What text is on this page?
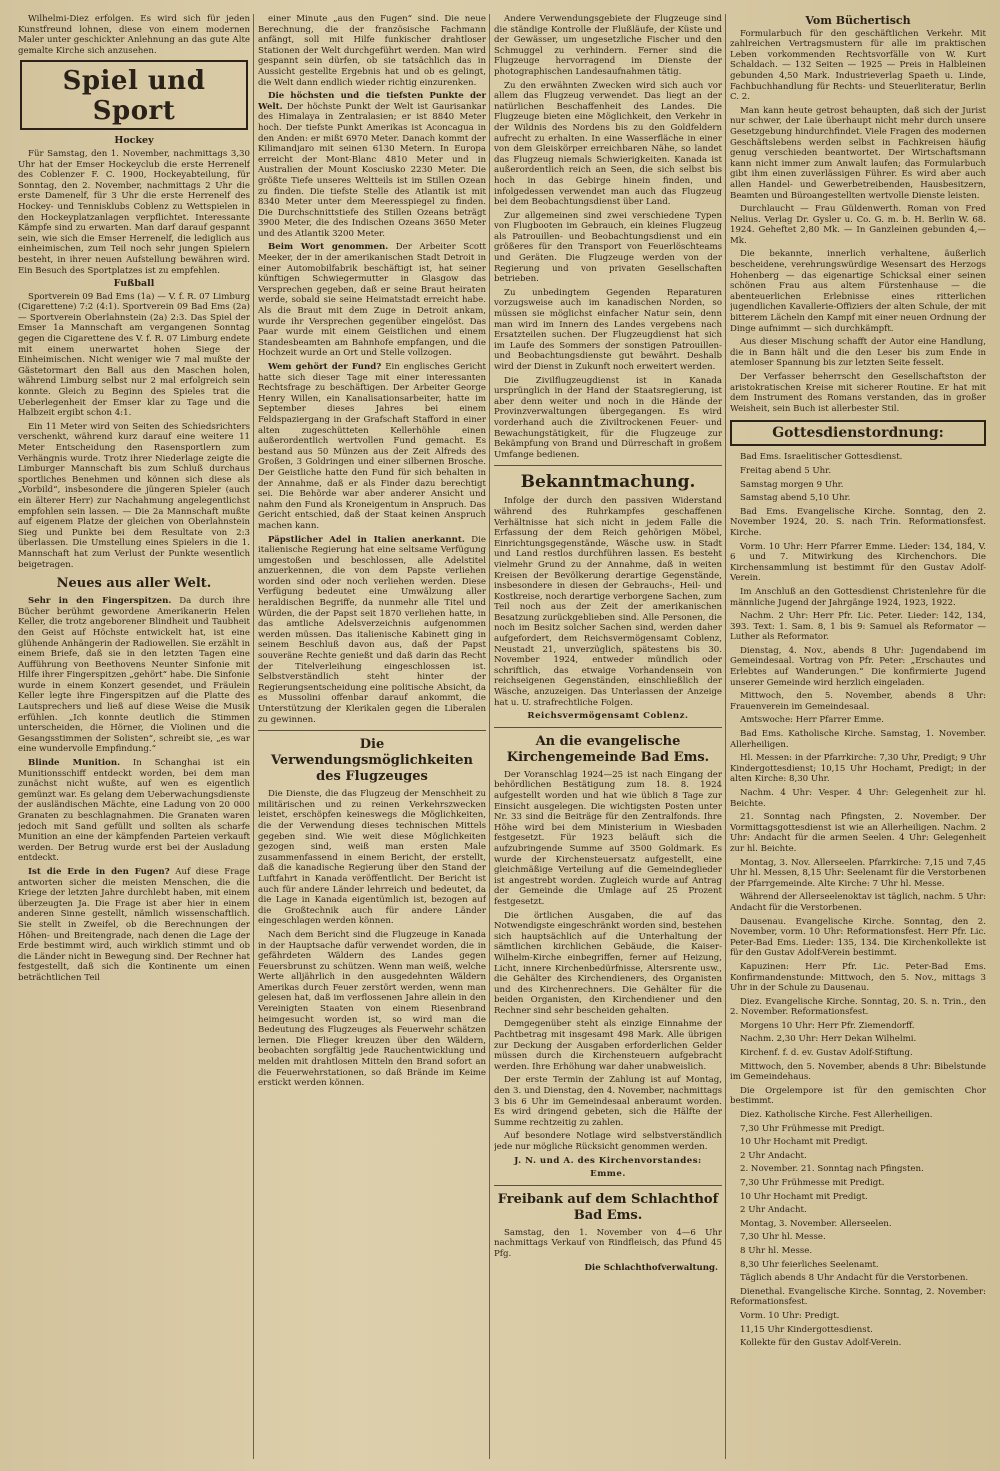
Wilhelmi-Diez erfolgen. Es wird sich für jeden Kunstfreund lohnen, diese von einem modernen Maler unter geschickter Anlehnung an das gute Alte gemalte Kirche sich anzusehen.

Spiel und Sport
Hockey

Für Samstag, den 1. November, nachmittags 3,30 Uhr hat der Emser Hockeyclub die erste Herrenelf des Coblenzer F. C. 1900, Hockeyabteilung, für Sonntag, den 2. November, nachmittags 2 Uhr die erste Damenelf, für 3 Uhr die erste Herrenelf des Hockey- und Tennisklubs Coblenz zu Wettspielen in den Hockeyplatzanlagen verpflichtet. Interessante Kämpfe sind zu erwarten. Man darf darauf gespannt sein, wie sich die Emser Herrenelf, die lediglich aus einheimischen, zum Teil noch sehr jungen Spielern besteht, in ihrer neuen Aufstellung bewähren wird. Ein Besuch des Sportplatzes ist zu empfehlen.

Fußball

Sportverein 09 Bad Ems (1a) — V. f. R. 07 Limburg (Cigarettene) 7:2 (4:1). Sportverein 09 Bad Ems (2a) — Sportverein Oberlahnstein (2a) 2:3. Das Spiel der Emser 1a Mannschaft am vergangenen Sonntag gegen die Cigarettene des V. f. R. 07 Limburg endete mit einem unerwartet hohen Siege der Einheimischen. Nicht weniger wie 7 mal mußte der Gästetormart den Ball aus den Maschen holen, während Limburg selbst nur 2 mal erfolgreich sein konnte. Gleich zu Beginn des Spieles trat die Ueberlegenheit der Emser klar zu Tage und die Halbzeit ergibt schon 4:1.

Ein 11 Meter wird von Seiten des Schiedsrichters verschenkt, während kurz darauf eine weitere 11 Meter Entscheidung den Rasensportlern zum Verhängnis wurde. Trotz ihrer Niederlage zeigte die Limburger Mannschaft bis zum Schluß durchaus sportliches Benehmen und können sich diese als „Vorbild“, insbesondere die jüngeren Spieler (auch ein älterer Herr) zur Nachahmung angelegentlichst empfohlen sein lassen. — Die 2a Mannschaft mußte auf eigenem Platze der gleichen von Oberlahnstein Sieg und Punkte bei dem Resultate von 2:3 überlassen. Die Umstellung eines Spielers in die 1. Mannschaft hat zum Verlust der Punkte wesentlich beigetragen.

Neues aus aller Welt.

Sehr in den Fingerspitzen. Da durch ihre Bücher berühmt gewordene Amerikanerin Helen Keller, die trotz angeborener Blindheit und Taubheit den Geist auf Höchste entwickelt hat, ist eine glühende Anhängerin der Radiowellen. Sie erzählt in einem Briefe, daß sie in den letzten Tagen eine Aufführung von Beethovens Neunter Sinfonie mit Hilfe ihrer Fingerspitzen „gehört“ habe. Die Sinfonie wurde in einem Konzert gesendet, und Fräulein Keller legte ihre Fingerspitzen auf die Platte des Lautsprechers und ließ auf diese Weise die Musik erfühlen. „Ich konnte deutlich die Stimmen unterscheiden, die Hörner, die Violinen und die Gesangsstimmen der Solisten“, schreibt sie, „es war eine wundervolle Empfindung.“

Blinde Munition. In Schanghai ist ein Munitionsschiff entdeckt worden, bei dem man zunächst nicht wußte, auf wen es eigentlich gemünzt war. Es gelang dem Ueberwachungsdienste der ausländischen Mächte, eine Ladung von 20 000 Granaten zu beschlagnahmen. Die Granaten waren jedoch mit Sand gefüllt und sollten als scharfe Munition an eine der kämpfenden Parteien verkauft werden. Der Betrug wurde erst bei der Ausladung entdeckt.

Ist die Erde in den Fugen? Auf diese Frage antworten sicher die meisten Menschen, die die Kriege der letzten Jahre durchlebt haben, mit einem überzeugten Ja. Die Frage ist aber hier in einem anderen Sinne gestellt, nämlich wissenschaftlich. Sie stellt in Zweifel, ob die Berechnungen der Höhen- und Breitengrade, nach denen die Lage der Erde bestimmt wird, auch wirklich stimmt und ob die Länder nicht in Bewegung sind. Der Rechner hat festgestellt, daß sich die Kontinente um einen beträchtlichen Teil

einer Minute „aus den Fugen“ sind. Die neue Berechnung, die der französische Fachmann anfängt, soll mit Hilfe funkischer drahtloser Stationen der Welt durchgeführt werden. Man wird gespannt sein dürfen, ob sie tatsächlich das in Aussicht gestellte Ergebnis hat und ob es gelingt, die Welt dann endlich wieder richtig einzurenken.

Die höchsten und die tiefsten Punkte der Welt. Der höchste Punkt der Welt ist Gaurisankar des Himalaya in Zentralasien; er ist 8840 Meter hoch. Der tiefste Punkt Amerikas ist Aconcagua in den Anden: er mißt 6970 Meter. Danach kommt der Kilimandjaro mit seinen 6130 Metern. In Europa erreicht der Mont-Blanc 4810 Meter und in Australien der Mount Kosciusko 2230 Meter. Die größte Tiefe unseres Weltteils ist im Stillen Ozean zu finden. Die tiefste Stelle des Atlantik ist mit 8340 Meter unter dem Meeresspiegel zu finden. Die Durchschnittstiefe des Stillen Ozeans beträgt 3900 Meter, die des Indischen Ozeans 3650 Meter und des Atlantik 3200 Meter.

Beim Wort genommen. Der Arbeiter Scott Meeker, der in der amerikanischen Stadt Detroit in einer Automobilfabrik beschäftigt ist, hat seiner künftigen Schwiegermutter in Glasgow das Versprechen gegeben, daß er seine Braut heiraten werde, sobald sie seine Heimatstadt erreicht habe. Als die Braut mit dem Zuge in Detroit ankam, wurde ihr Versprechen gegenüber eingelöst. Das Paar wurde mit einem Geistlichen und einem Standesbeamten am Bahnhofe empfangen, und die Hochzeit wurde an Ort und Stelle vollzogen.

Wem gehört der Fund? Ein englisches Gericht hatte sich dieser Tage mit einer interessanten Rechtsfrage zu beschäftigen. Der Arbeiter George Henry Willen, ein Kanalisationsarbeiter, hatte im September dieses Jahres bei einem Feldspaziergang in der Grafschaft Stafford in einer alten zugeschütteten Kellerhöhle einen außerordentlich wertvollen Fund gemacht. Es bestand aus 50 Münzen aus der Zeit Alfreds des Großen, 3 Goldringen und einer silbernen Brosche. Der Geistliche hatte den Fund für sich behalten in der Annahme, daß er als Finder dazu berechtigt sei. Die Behörde war aber anderer Ansicht und nahm den Fund als Kroneigentum in Anspruch. Das Gericht entschied, daß der Staat keinen Anspruch machen kann.

Päpstlicher Adel in Italien anerkannt. Die italienische Regierung hat eine seltsame Verfügung umgestoßen und beschlossen, alle Adelstitel anzuerkennen, die von dem Papste verliehen worden sind oder noch verliehen werden. Diese Verfügung bedeutet eine Umwälzung aller heraldischen Begriffe, da nunmehr alle Titel und Würden, die der Papst seit 1870 verliehen hatte, in das amtliche Adelsverzeichnis aufgenommen werden müssen. Das italienische Kabinett ging in seinem Beschluß davon aus, daß der Papst souveräne Rechte genießt und daß darin das Recht der Titelverleihung eingeschlossen ist. Selbstverständlich steht hinter der Regierungsentscheidung eine politische Absicht, da es Mussolini offenbar darauf ankommt, die Unterstützung der Klerikalen gegen die Liberalen zu gewinnen.

Die Verwendungsmöglichkeiten des Flugzeuges

Die Dienste, die das Flugzeug der Menschheit zu militärischen und zu reinen Verkehrszwecken leistet, erschöpfen keineswegs die Möglichkeiten, die der Verwendung dieses technischen Mittels gegeben sind. Wie weit diese Möglichkeiten gezogen sind, weiß man ersten Male zusammenfassend in einem Bericht, der erstellt, daß die kanadische Regierung über den Stand der Luftfahrt in Kanada veröffentlicht. Der Bericht ist auch für andere Länder lehrreich und bedeutet, da die Lage in Kanada eigentümlich ist, bezogen auf die Großtechnik auch für andere Länder eingeschlagen werden können.

Nach dem Bericht sind die Flugzeuge in Kanada in der Hauptsache dafür verwendet worden, die in gefährdeten Wäldern des Landes gegen Feuersbrunst zu schützen. Wenn man weiß, welche Werte alljährlich in den ausgedehnten Wäldern Amerikas durch Feuer zerstört werden, wenn man gelesen hat, daß im verflossenen Jahre allein in den Vereinigten Staaten von einem Riesenbrand heimgesucht worden ist, so wird man die Bedeutung des Flugzeuges als Feuerwehr schätzen lernen. Die Flieger kreuzen über den Wäldern, beobachten sorgfältig jede Rauchentwicklung und melden mit drahtlosen Mitteln den Brand sofort an die Feuerwehrstationen, so daß Brände im Keime erstickt werden können.

Andere Verwendungsgebiete der Flugzeuge sind die ständige Kontrolle der Flußläufe, der Küste und der Gewässer, um ungesetzliche Fischer und den Schmuggel zu verhindern. Ferner sind die Flugzeuge hervorragend im Dienste der photographischen Landesaufnahmen tätig.

Zu den erwähnten Zwecken wird sich auch vor allem das Flugzeug verwendet. Das liegt an der natürlichen Beschaffenheit des Landes. Die Flugzeuge bieten eine Möglichkeit, den Verkehr in der Wildnis des Nordens bis zu den Goldfeldern aufrecht zu erhalten. In eine Wasserfläche in einer von dem Gleiskörper erreichbaren Nähe, so landet das Flugzeug niemals Schwierigkeiten. Kanada ist außerordentlich reich an Seen, die sich selbst bis hoch in das Gebirge hinein finden, und infolgedessen verwendet man auch das Flugzeug bei dem Beobachtungsdienst über Land.

Zur allgemeinen sind zwei verschiedene Typen von Flugbooten im Gebrauch, ein kleines Flugzeug als Patrouillen- und Beobachtungsdienst und ein größeres für den Transport von Feuerlöschteams und Geräten. Die Flugzeuge werden von der Regierung und von privaten Gesellschaften betrieben.

Zu unbedingtem Gegenden Reparaturen vorzugsweise auch im kanadischen Norden, so müssen sie möglichst einfacher Natur sein, denn man wird im Innern des Landes vergebens nach Ersatzteilen suchen. Der Flugzeugdienst hat sich im Laufe des Sommers der sonstigen Patrouillen- und Beobachtungsdienste gut bewährt. Deshalb wird der Dienst in Zukunft noch erweitert werden.

Die Zivilflugzeugdienst ist in Kanada ursprünglich in der Hand der Staatsregierung, ist aber denn weiter und noch in die Hände der Provinzverwaltungen übergegangen. Es wird vorderhand auch die Ziviltrockenen Feuer- und Bewachungstätigkeit, für die Flugzeuge zur Bekämpfung von Brand und Dürreschaft in großem Umfange bedienen.

Bekanntmachung.

Infolge der durch den passiven Widerstand während des Ruhrkampfes geschaffenen Verhältnisse hat sich nicht in jedem Falle die Erfassung der dem Reich gehörigen Möbel, Einrichtungsgegenstände, Wäsche usw. in Stadt und Land restlos durchführen lassen. Es besteht vielmehr Grund zu der Annahme, daß in weiten Kreisen der Bevölkerung derartige Gegenstände, insbesondere in diesen der Gebrauchs-, Heil- und Kostkreise, noch derartige verborgene Sachen, zum Teil noch aus der Zeit der amerikanischen Besatzung zurückgeblieben sind. Alle Personen, die noch im Besitz solcher Sachen sind, werden daher aufgefordert, dem Reichsvermögensamt Coblenz, Neustadt 21, unverzüglich, spätestens bis 30. November 1924, entweder mündlich oder schriftlich, das etwaige Vorhandensein von reichseigenen Gegenständen, einschließlich der Wäsche, anzuzeigen. Das Unterlassen der Anzeige hat u. U. strafrechtliche Folgen.

Reichsvermögensamt Coblenz.
An die evangelische Kirchengemeinde Bad Ems.

Der Voranschlag 1924—25 ist nach Eingang der behördlichen Bestätigung zum 18. 8. 1924 aufgestellt worden und hat wie üblich 8 Tage zur Einsicht ausgelegen. Die wichtigsten Posten unter Nr. 33 sind die Beiträge für den Zentralfonds. Ihre Höhe wird bei dem Ministerium in Wiesbaden festgesetzt. Für 1923 beläuft sich die aufzubringende Summe auf 3500 Goldmark. Es wurde der Kirchensteuersatz aufgestellt, eine gleichmäßige Verteilung auf die Gemeindeglieder ist angestrebt worden. Zugleich wurde auf Antrag der Gemeinde die Umlage auf 25 Prozent festgesetzt.

Die örtlichen Ausgaben, die auf das Notwendigste eingeschränkt worden sind, bestehen sich hauptsächlich auf die Unterhaltung der sämtlichen kirchlichen Gebäude, die Kaiser-Wilhelm-Kirche einbegriffen, ferner auf Heizung, Licht, innere Kirchenbedürfnisse, Altersrente usw., die Gehälter des Kirchendieners, des Organisten und des Kirchenrechners. Die Gehälter für die beiden Organisten, den Kirchendiener und den Rechner sind sehr bescheiden gehalten.

Demgegenüber steht als einzige Einnahme der Pachtbetrag mit insgesamt 498 Mark. Alle übrigen zur Deckung der Ausgaben erforderlichen Gelder müssen durch die Kirchensteuern aufgebracht werden. Ihre Erhöhung war daher unabweislich.

Der erste Termin der Zahlung ist auf Montag, den 3. und Dienstag, den 4. November, nachmittags 3 bis 6 Uhr im Gemeindesaal anberaumt worden. Es wird dringend gebeten, sich die Hälfte der Summe rechtzeitig zu zahlen.

Auf besondere Notlage wird selbstverständlich jede nur mögliche Rücksicht genommen werden.

J. N. und A. des Kirchenvorstandes:
Emme.
Freibank auf dem Schlachthof Bad Ems.

Samstag, den 1. November von 4—6 Uhr nachmittags Verkauf von Rindfleisch, das Pfund 45 Pfg.

Die Schlachthofverwaltung.
Vom Büchertisch

Formularbuch für den geschäftlichen Verkehr. Mit zahlreichen Vertragsmustern für alle im praktischen Leben vorkommenden Rechtsvorfälle von W. Kurt Schaldach. — 132 Seiten — 1925 — Preis in Halbleinen gebunden 4,50 Mark. Industrieverlag Spaeth u. Linde, Fachbuchhandlung für Rechts- und Steuerliteratur, Berlin C. 2.

Man kann heute getrost behaupten, daß sich der Jurist nur schwer, der Laie überhaupt nicht mehr durch unsere Gesetzgebung hindurchfindet. Viele Fragen des modernen Geschäftslebens werden selbst in Fachkreisen häufig genug verschieden beantwortet. Der Wirtschaftsmann kann nicht immer zum Anwalt laufen; das Formularbuch gibt ihm einen zuverlässigen Führer. Es wird aber auch allen Handel- und Gewerbetreibenden, Hausbesitzern, Beamten und Büroangestellten wertvolle Dienste leisten.

Durchlaucht — Frau Güldenwerth. Roman von Fred Nelius. Verlag Dr. Gysler u. Co. G. m. b. H. Berlin W. 68. 1924. Geheftet 2,80 Mk. — In Ganzleinen gebunden 4,— Mk.

Die bekannte, innerlich verhaltene, äußerlich bescheidene, verehrungswürdige Wesensart des Herzogs Hohenberg — das eigenartige Schicksal einer seinen schönen Frau aus altem Fürstenhause — die abenteuerlichen Erlebnisse eines ritterlichen jugendlichen Kavallerie-Offiziers der alten Schule, der mit bitterem Lächeln den Kampf mit einer neuen Ordnung der Dinge aufnimmt — sich durchkämpft.

Aus dieser Mischung schafft der Autor eine Handlung, die in Bann hält und die den Leser bis zum Ende in atemloser Spannung bis zur letzten Seite fesselt.

Der Verfasser beherrscht den Gesellschaftston der aristokratischen Kreise mit sicherer Routine. Er hat mit dem Instrument des Romans verstanden, das in großer Weisheit, sein Buch ist allerbester Stil.

Gottesdienstordnung:

Bad Ems. Israelitischer Gottesdienst.

Freitag abend 5 Uhr.

Samstag morgen 9 Uhr.

Samstag abend 5,10 Uhr.

Bad Ems. Evangelische Kirche. Sonntag, den 2. November 1924, 20. S. nach Trin. Reformationsfest. Kirche.

Vorm. 10 Uhr: Herr Pfarrer Emme. Lieder: 134, 184, V. 6 und 7. Mitwirkung des Kirchenchors. Die Kirchensammlung ist bestimmt für den Gustav Adolf-Verein.

Im Anschluß an den Gottesdienst Christenlehre für die männliche Jugend der Jahrgänge 1924, 1923, 1922.

Nachm. 2 Uhr: Herr Pfr. Lic. Peter. Lieder: 142, 134, 393. Text: 1. Sam. 8, 1 bis 9: Samuel als Reformator — Luther als Reformator.

Dienstag, 4. Nov., abends 8 Uhr: Jugendabend im Gemeindesaal. Vortrag von Pfr. Peter: „Erschautes und Erlebtes auf Wanderungen.“ Die konfirmierte Jugend unserer Gemeinde wird herzlich eingeladen.

Mittwoch, den 5. November, abends 8 Uhr: Frauenverein im Gemeindesaal.

Amtswoche: Herr Pfarrer Emme.

Bad Ems. Katholische Kirche. Samstag, 1. November. Allerheiligen.

Hl. Messen: in der Pfarrkirche: 7,30 Uhr, Predigt; 9 Uhr Kindergottesdienst; 10,15 Uhr Hochamt, Predigt; in der alten Kirche: 8,30 Uhr.

Nachm. 4 Uhr: Vesper. 4 Uhr: Gelegenheit zur hl. Beichte.

21. Sonntag nach Pfingsten, 2. November. Der Vormittagsgottesdienst ist wie an Allerheiligen. Nachm. 2 Uhr: Andacht für die armen Seelen. 4 Uhr: Gelegenheit zur hl. Beichte.

Montag, 3. Nov. Allerseelen. Pfarrkirche: 7,15 und 7,45 Uhr hl. Messen, 8,15 Uhr: Seelenamt für die Verstorbenen der Pfarrgemeinde. Alte Kirche: 7 Uhr hl. Messe.

Während der Allerseelenoktav ist täglich, nachm. 5 Uhr: Andacht für die Verstorbenen.

Dausenau. Evangelische Kirche. Sonntag, den 2. November, vorm. 10 Uhr: Reformationsfest. Herr Pfr. Lic. Peter-Bad Ems. Lieder: 135, 134. Die Kirchenkollekte ist für den Gustav Adolf-Verein bestimmt.

Kapuzinen: Herr Pfr. Lic. Peter-Bad Ems. Konfirmandenstunde: Mittwoch, den 5. Nov., mittags 3 Uhr in der Schule zu Dausenau.

Diez. Evangelische Kirche. Sonntag, 20. S. n. Trin., den 2. November. Reformationsfest.

Morgens 10 Uhr: Herr Pfr. Ziemendorff.

Nachm. 2,30 Uhr: Herr Dekan Wilhelmi.

Kirchenf. f. d. ev. Gustav Adolf-Stiftung.

Mittwoch, den 5. November, abends 8 Uhr: Bibelstunde im Gemeindehaus.

Die Orgelempore ist für den gemischten Chor bestimmt.

Diez. Katholische Kirche. Fest Allerheiligen.

7,30 Uhr Frühmesse mit Predigt.

10 Uhr Hochamt mit Predigt.

2 Uhr Andacht.

2. November. 21. Sonntag nach Pfingsten.

7,30 Uhr Frühmesse mit Predigt.

10 Uhr Hochamt mit Predigt.

2 Uhr Andacht.

Montag, 3. November. Allerseelen.

7,30 Uhr hl. Messe.

8 Uhr hl. Messe.

8,30 Uhr feierliches Seelenamt.

Täglich abends 8 Uhr Andacht für die Verstorbenen.

Dienethal. Evangelische Kirche. Sonntag, 2. November: Reformationsfest.

Vorm. 10 Uhr: Predigt.

11,15 Uhr Kindergottesdienst.

Kollekte für den Gustav Adolf-Verein.
